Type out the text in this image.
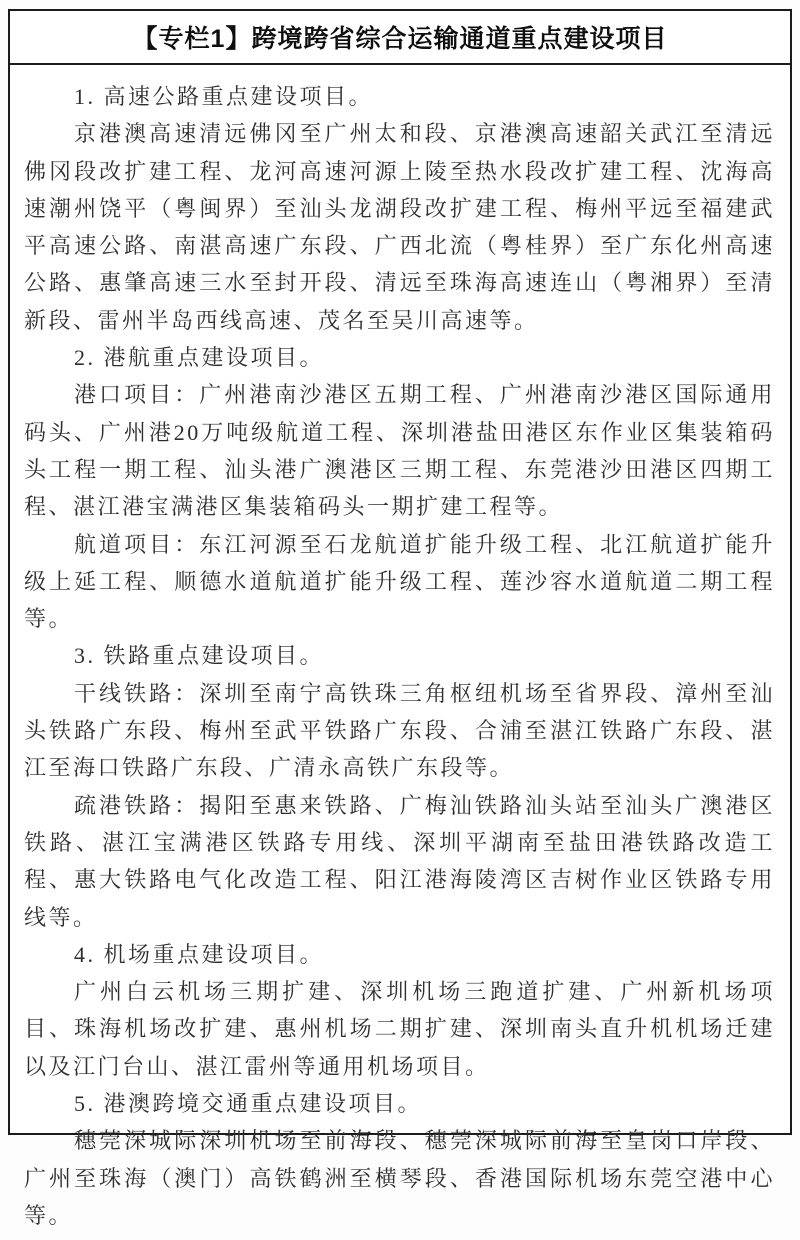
【专栏1】跨境跨省综合运输通道重点建设项目

1. 高速公路重点建设项目。

京港澳高速清远佛冈至广州太和段、京港澳高速韶关武江至清远佛冈段改扩建工程、龙河高速河源上陵至热水段改扩建工程、沈海高速潮州饶平（粤闽界）至汕头龙湖段改扩建工程、梅州平远至福建武平高速公路、南湛高速广东段、广西北流（粤桂界）至广东化州高速公路、惠肇高速三水至封开段、清远至珠海高速连山（粤湘界）至清新段、雷州半岛西线高速、茂名至吴川高速等。

2. 港航重点建设项目。

港口项目：广州港南沙港区五期工程、广州港南沙港区国际通用码头、广州港20万吨级航道工程、深圳港盐田港区东作业区集装箱码头工程一期工程、汕头港广澳港区三期工程、东莞港沙田港区四期工程、湛江港宝满港区集装箱码头一期扩建工程等。

航道项目：东江河源至石龙航道扩能升级工程、北江航道扩能升级上延工程、顺德水道航道扩能升级工程、莲沙容水道航道二期工程等。

3. 铁路重点建设项目。

干线铁路：深圳至南宁高铁珠三角枢纽机场至省界段、漳州至汕头铁路广东段、梅州至武平铁路广东段、合浦至湛江铁路广东段、湛江至海口铁路广东段、广清永高铁广东段等。

疏港铁路：揭阳至惠来铁路、广梅汕铁路汕头站至汕头广澳港区铁路、湛江宝满港区铁路专用线、深圳平湖南至盐田港铁路改造工程、惠大铁路电气化改造工程、阳江港海陵湾区吉树作业区铁路专用线等。

4. 机场重点建设项目。

广州白云机场三期扩建、深圳机场三跑道扩建、广州新机场项目、珠海机场改扩建、惠州机场二期扩建、深圳南头直升机机场迁建以及江门台山、湛江雷州等通用机场项目。

5. 港澳跨境交通重点建设项目。

穗莞深城际深圳机场至前海段、穗莞深城际前海至皇岗口岸段、广州至珠海（澳门）高铁鹤洲至横琴段、香港国际机场东莞空港中心等。
